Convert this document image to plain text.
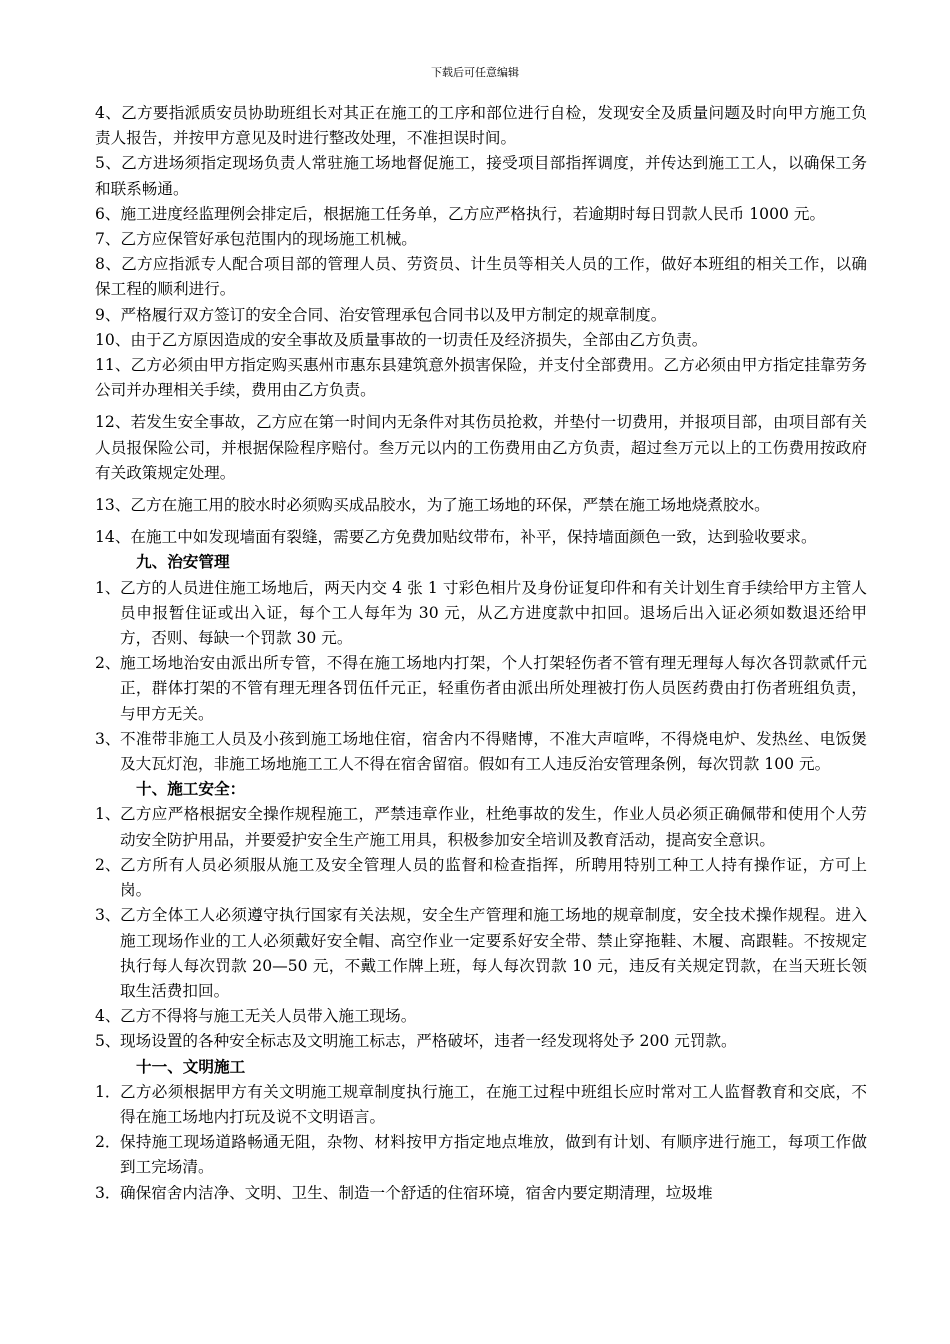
下载后可任意编辑

4、乙方要指派质安员协助班组长对其正在施工的工序和部位进行自检，发现安全及质量问题及时向甲方施工负责人报告，并按甲方意见及时进行整改处理，不准担误时间。

5、乙方进场须指定现场负责人常驻施工场地督促施工，接受项目部指挥调度，并传达到施工工人，以确保工务和联系畅通。

6、施工进度经监理例会排定后，根据施工任务单，乙方应严格执行，若逾期时每日罚款人民币 1000 元。

7、乙方应保管好承包范围内的现场施工机械。

8、乙方应指派专人配合项目部的管理人员、劳资员、计生员等相关人员的工作，做好本班组的相关工作，以确保工程的顺利进行。

9、严格履行双方签订的安全合同、治安管理承包合同书以及甲方制定的规章制度。

10、由于乙方原因造成的安全事故及质量事故的一切责任及经济损失，全部由乙方负责。

11、乙方必须由甲方指定购买惠州市惠东县建筑意外损害保险，并支付全部费用。乙方必须由甲方指定挂靠劳务公司并办理相关手续，费用由乙方负责。

12、若发生安全事故，乙方应在第一时间内无条件对其伤员抢救，并垫付一切费用，并报项目部，由项目部有关人员报保险公司，并根据保险程序赔付。叁万元以内的工伤费用由乙方负责，超过叁万元以上的工伤费用按政府有关政策规定处理。

13、乙方在施工用的胶水时必须购买成品胶水，为了施工场地的环保，严禁在施工场地烧煮胶水。

14、在施工中如发现墙面有裂缝，需要乙方免费加贴纹带布，补平，保持墙面颜色一致，达到验收要求。

九、治安管理

1、 乙方的人员进住施工场地后，两天内交 4 张 1 寸彩色相片及身份证复印件和有关计划生育手续给甲方主管人员申报暂住证或出入证，每个工人每年为 30 元，从乙方进度款中扣回。退场后出入证必须如数退还给甲方，否则、每缺一个罚款 30 元。
2、 施工场地治安由派出所专管，不得在施工场地内打架，个人打架轻伤者不管有理无理每人每次各罚款贰仟元正，群体打架的不管有理无理各罚伍仟元正，轻重伤者由派出所处理被打伤人员医药费由打伤者班组负责，与甲方无关。
3、 不准带非施工人员及小孩到施工场地住宿，宿舍内不得赌博，不准大声喧哗，不得烧电炉、发热丝、电饭煲及大瓦灯泡，非施工场地施工工人不得在宿舍留宿。假如有工人违反治安管理条例，每次罚款 100 元。

十、施工安全：

1、 乙方应严格根据安全操作规程施工，严禁违章作业，杜绝事故的发生，作业人员必须正确佩带和使用个人劳动安全防护用品，并要爱护安全生产施工用具，积极参加安全培训及教育活动，提高安全意识。
2、 乙方所有人员必须服从施工及安全管理人员的监督和检查指挥，所聘用特别工种工人持有操作证，方可上岗。
3、 乙方全体工人必须遵守执行国家有关法规，安全生产管理和施工场地的规章制度，安全技术操作规程。进入施工现场作业的工人必须戴好安全帽、高空作业一定要系好安全带、禁止穿拖鞋、木履、高跟鞋。不按规定执行每人每次罚款 20—50 元，不戴工作牌上班，每人每次罚款 10 元，违反有关规定罚款，在当天班长领取生活费扣回。
4、 乙方不得将与施工无关人员带入施工现场。
5、 现场设置的各种安全标志及文明施工标志，严格破坏，违者一经发现将处予 200 元罚款。

十一、文明施工

1． 乙方必须根据甲方有关文明施工规章制度执行施工，在施工过程中班组长应时常对工人监督教育和交底，不得在施工场地内打玩及说不文明语言。
2． 保持施工现场道路畅通无阻，杂物、材料按甲方指定地点堆放，做到有计划、有顺序进行施工，每项工作做到工完场清。
3． 确保宿舍内洁净、文明、卫生、制造一个舒适的住宿环境，宿舍内要定期清理，垃圾堆
